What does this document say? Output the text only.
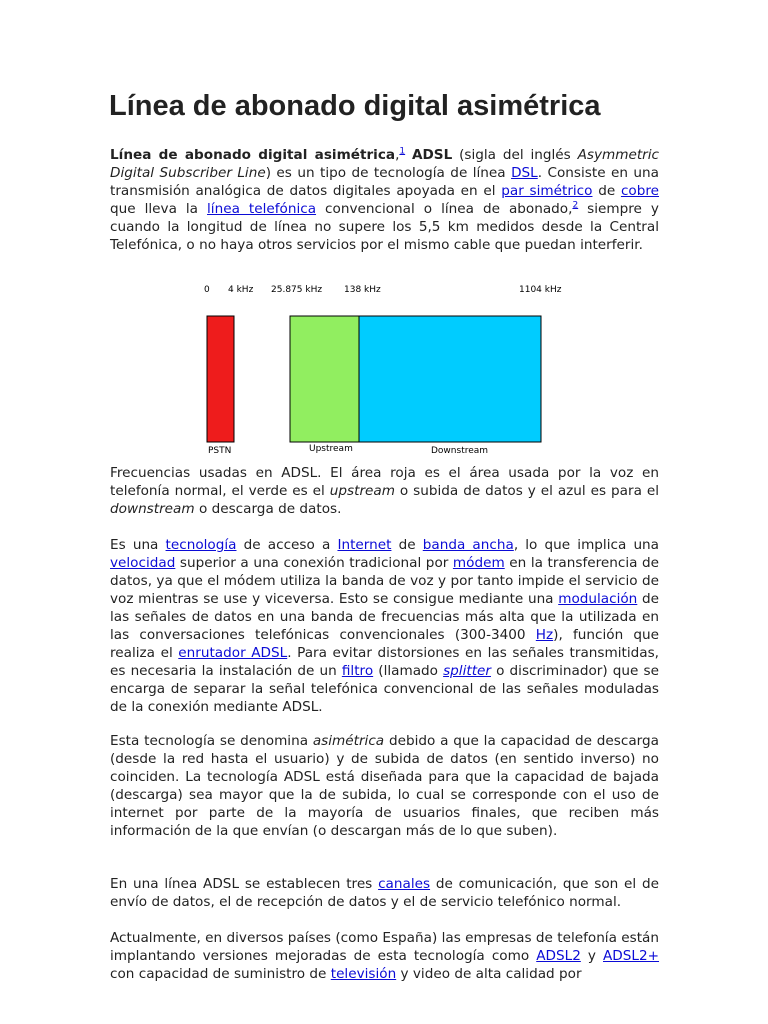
Línea de abonado digital asimétrica

Línea de abonado digital asimétrica,$^1$ ADSL (sigla del inglés Asymmetric Digital Subscriber Line) es un tipo de tecnología de línea DSL. Consiste en una transmisión analógica de datos digitales apoyada en el par simétrico de cobre que lleva la línea telefónica convencional o línea de abonado,$^2$ siempre y cuando la longitud de línea no supere los 5,5 km medidos desde la Central Telefónica, o no haya otros servicios por el mismo cable que puedan interferir.

0 4 kHz 25.875 kHz 138 kHz	1104 kHz
PSTN	Upstream	Downstream

Frecuencias usadas en ADSL. El área roja es el área usada por la voz en telefonía normal, el verde es el upstream o subida de datos y el azul es para el downstream o descarga de datos.

Es una tecnología de acceso a Internet de banda ancha, lo que implica una velocidad superior a una conexión tradicional por módem en la transferencia de datos, ya que el módem utiliza la banda de voz y por tanto impide el servicio de voz mientras se use y viceversa. Esto se consigue mediante una modulación de las señales de datos en una banda de frecuencias más alta que la utilizada en las conversaciones telefónicas convencionales (300-3400 Hz), función que realiza el enrutador ADSL. Para evitar distorsiones en las señales transmitidas, es necesaria la instalación de un filtro (llamado splitter o discriminador) que se encarga de separar la señal telefónica convencional de las señales moduladas de la conexión mediante ADSL.

Esta tecnología se denomina asimétrica debido a que la capacidad de descarga (desde la red hasta el usuario) y de subida de datos (en sentido inverso) no coinciden. La tecnología ADSL está diseñada para que la capacidad de bajada (descarga) sea mayor que la de subida, lo cual se corresponde con el uso de internet por parte de la mayoría de usuarios finales, que reciben más información de la que envían (o descargan más de lo que suben).

En una línea ADSL se establecen tres canales de comunicación, que son el de envío de datos, el de recepción de datos y el de servicio telefónico normal.

Actualmente, en diversos países (como España) las empresas de telefonía están implantando versiones mejoradas de esta tecnología como ADSL2 y ADSL2+ con capacidad de suministro de televisión y video de alta calidad por
